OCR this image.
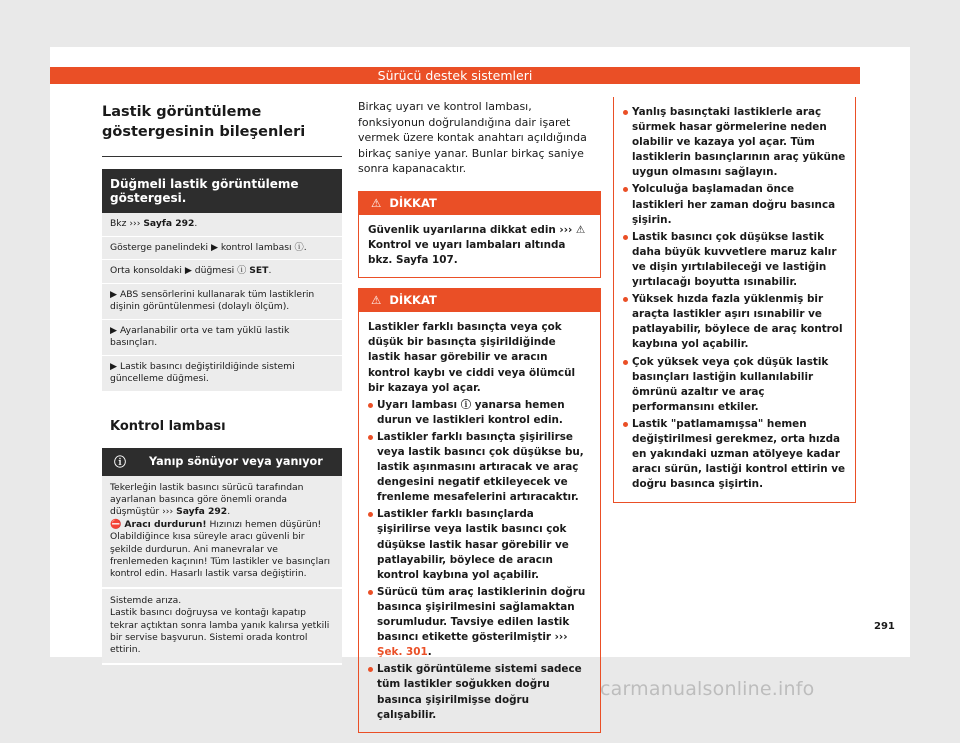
Sürücü destek sistemleri
Lastik görüntüleme göstergesinin bileşenleri
Düğmeli lastik görüntüleme göstergesi.
Bkz ››› Sayfa 292.
Gösterge panelindeki ▶ kontrol lambası ⓘ.
Orta konsoldaki ▶ düğmesi ⓘ SET.
▶ ABS sensörlerini kullanarak tüm lastiklerin dişinin görüntülenmesi (dolaylı ölçüm).
▶ Ayarlanabilir orta ve tam yüklü lastik basınçları.
▶ Lastik basıncı değiştirildiğinde sistemi güncelleme düğmesi.
Kontrol lambası
ⓘ Yanıp sönüyor veya yanıyor
Tekerleğin lastik basıncı sürücü tarafından ayarlanan basınca göre önemli oranda düşmüştür ››› Sayfa 292.
⛔ Aracı durdurun! Hızınızı hemen düşürün! Olabildiğince kısa süreyle aracı güvenli bir şekilde durdurun. Ani manevralar ve frenlemeden kaçının! Tüm lastikler ve basınçları kontrol edin. Hasarlı lastik varsa değiştirin.
Sistemde arıza.
Lastik basıncı doğruysa ve kontağı kapatıp tekrar açtıktan sonra lamba yanık kalırsa yetkili bir servise başvurun. Sistemi orada kontrol ettirin.

Birkaç uyarı ve kontrol lambası, fonksiyonun doğrulandığına dair işaret vermek üzere kontak anahtarı açıldığında birkaç saniye yanar. Bunlar birkaç saniye sonra kapanacaktır.

⚠ DİKKAT
Güvenlik uyarılarına dikkat edin ››› ⚠ Kontrol ve uyarı lambaları altında bkz. Sayfa 107.
⚠ DİKKAT
Lastikler farklı basınçta veya çok düşük bir basınçta şişirildiğinde lastik hasar görebilir ve aracın kontrol kaybı ve ciddi veya ölümcül bir kazaya yol açar.
Uyarı lambası ⓘ yanarsa hemen durun ve lastikleri kontrol edin.
Lastikler farklı basınçta şişirilirse veya lastik basıncı çok düşükse bu, lastik aşınmasını artıracak ve araç dengesini negatif etkileyecek ve frenleme mesafelerini artıracaktır.
Lastikler farklı basınçlarda şişirilirse veya lastik basıncı çok düşükse lastik hasar görebilir ve patlayabilir, böylece de aracın kontrol kaybına yol açabilir.
Sürücü tüm araç lastiklerinin doğru basınca şişirilmesini sağlamaktan sorumludur. Tavsiye edilen lastik basıncı etikette gösterilmiştir ››› Şek. 301.
Lastik görüntüleme sistemi sadece tüm lastikler soğukken doğru basınca şişirilmişse doğru çalışabilir.
Yanlış basınçtaki lastiklerle araç sürmek hasar görmelerine neden olabilir ve kazaya yol açar. Tüm lastiklerin basınçlarının araç yüküne uygun olmasını sağlayın.
Yolculuğa başlamadan önce lastikleri her zaman doğru basınca şişirin.
Lastik basıncı çok düşükse lastik daha büyük kuvvetlere maruz kalır ve dişin yırtılabileceği ve lastiğin yırtılacağı boyutta ısınabilir.
Yüksek hızda fazla yüklenmiş bir araçta lastikler aşırı ısınabilir ve patlayabilir, böylece de araç kontrol kaybına yol açabilir.
Çok yüksek veya çok düşük lastik basınçları lastiğin kullanılabilir ömrünü azaltır ve araç performansını etkiler.
Lastik "patlamamışsa" hemen değiştirilmesi gerekmez, orta hızda en yakındaki uzman atölyeye kadar aracı sürün, lastiği kontrol ettirin ve doğru basınca şişirtin.
291
carmanualsonline.info
